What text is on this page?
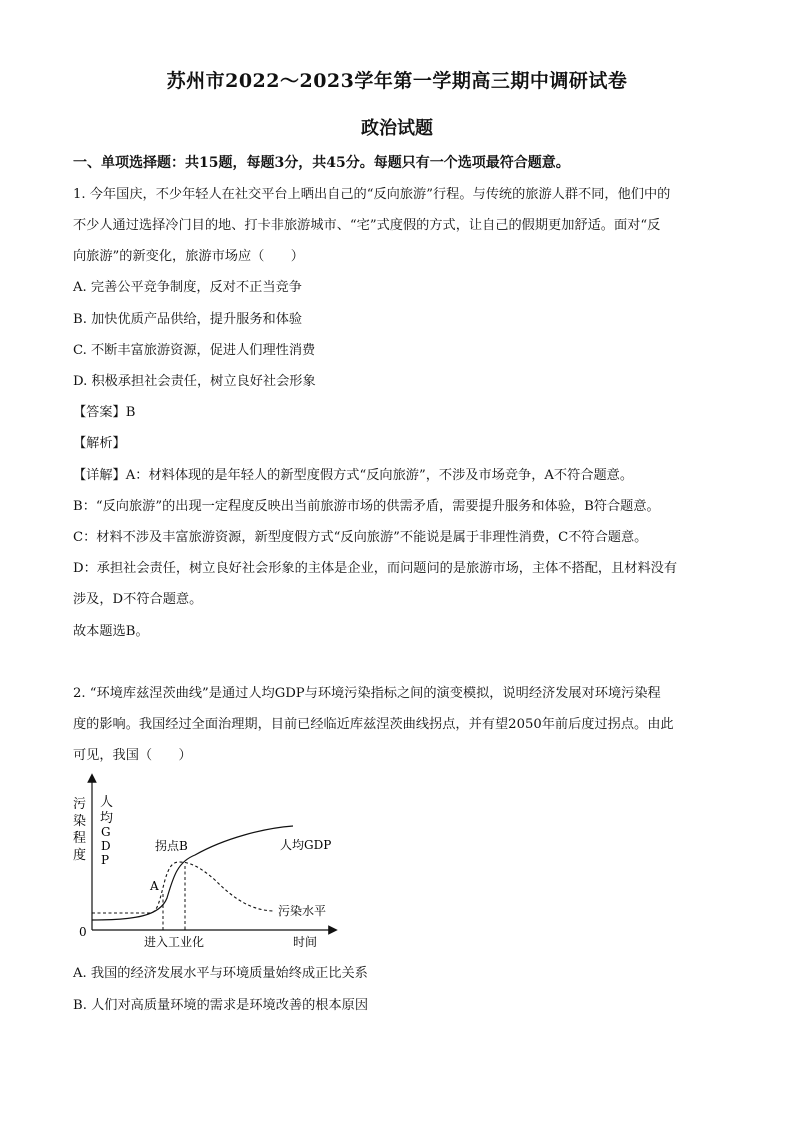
苏州市2022～2023学年第一学期高三期中调研试卷
政治试题
一、单项选择题：共15题，每题3分，共45分。每题只有一个选项最符合题意。
1. 今年国庆，不少年轻人在社交平台上晒出自己的“反向旅游”行程。与传统的旅游人群不同，他们中的
不少人通过选择冷门目的地、打卡非旅游城市、“宅”式度假的方式，让自己的假期更加舒适。面对“反
向旅游”的新变化，旅游市场应（　　）
A. 完善公平竞争制度，反对不正当竞争
B. 加快优质产品供给，提升服务和体验
C. 不断丰富旅游资源，促进人们理性消费
D. 积极承担社会责任，树立良好社会形象
【答案】B
【解析】
【详解】A：材料体现的是年轻人的新型度假方式“反向旅游”，不涉及市场竞争，A不符合题意。
B：“反向旅游”的出现一定程度反映出当前旅游市场的供需矛盾，需要提升服务和体验，B符合题意。
C：材料不涉及丰富旅游资源，新型度假方式“反向旅游”不能说是属于非理性消费，C不符合题意。
D：承担社会责任，树立良好社会形象的主体是企业，而问题问的是旅游市场，主体不搭配，且材料没有
涉及，D不符合题意。
故本题选B。
2. “环境库兹涅茨曲线”是通过人均GDP与环境污染指标之间的演变模拟，说明经济发展对环境污染程
度的影响。我国经过全面治理期，目前已经临近库兹涅茨曲线拐点，并有望2050年前后度过拐点。由此
可见，我国（　　）
污
染
程
度
人
均
G
D
P
0
A
拐点B	人均GDP
污染水平
进入工业化	时间
A. 我国的经济发展水平与环境质量始终成正比关系
B. 人们对高质量环境的需求是环境改善的根本原因
